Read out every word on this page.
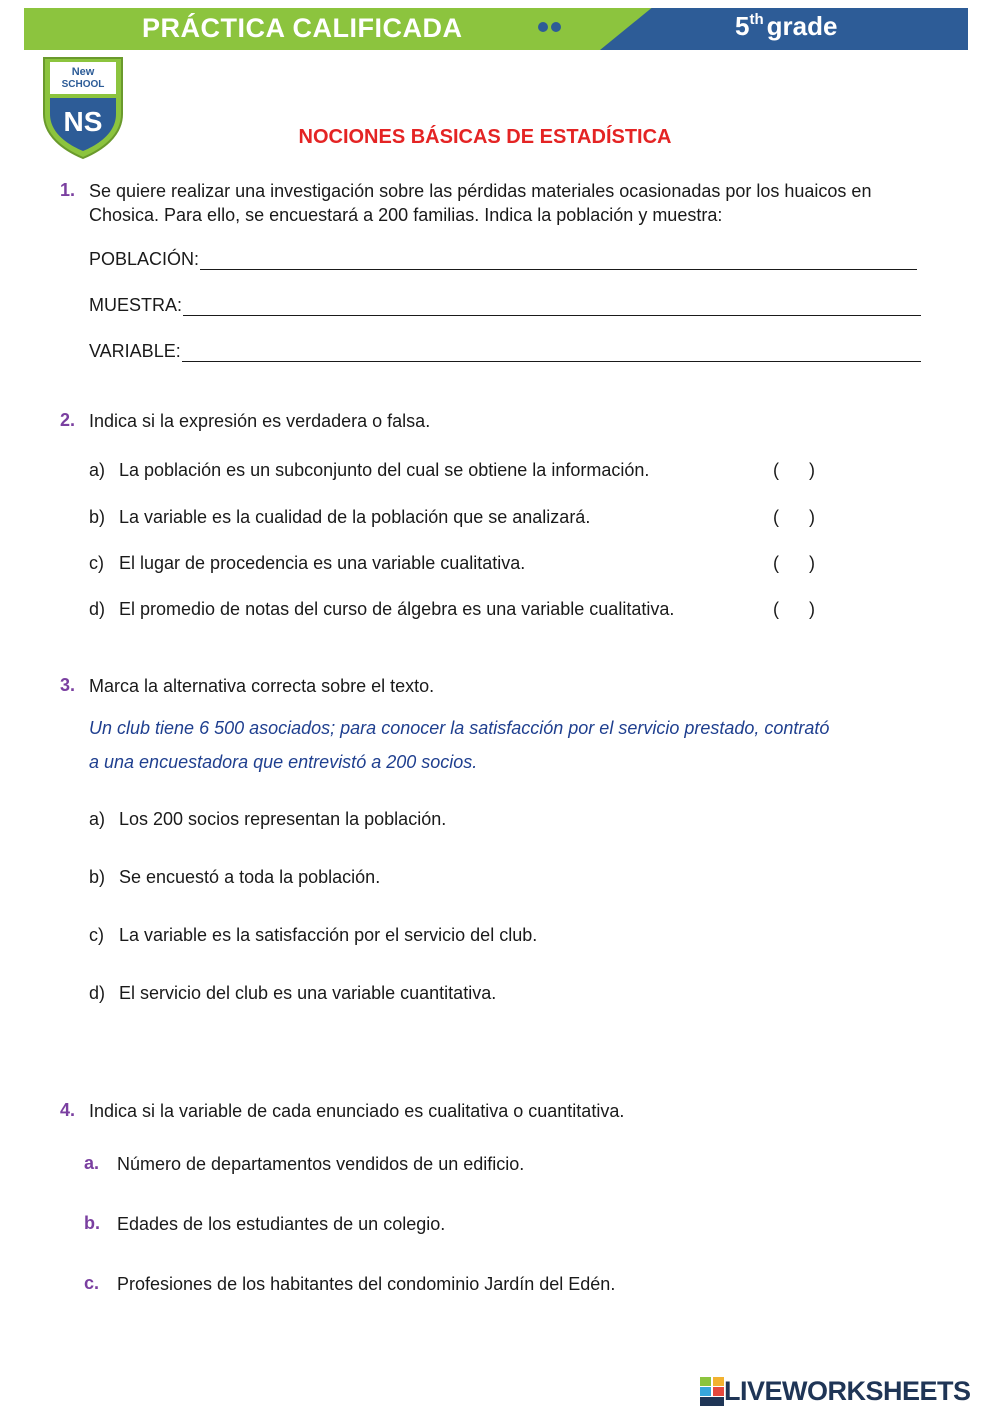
PRÁCTICA CALIFICADA	5th grade
New
SCHOOL
NS	NOCIONES BÁSICAS DE ESTADÍSTICA
1. Se quiere realizar una investigación sobre las pérdidas materiales ocasionadas por los huaicos en Chosica. Para ello, se encuestará a 200 familias. Indica la población y muestra:
POBLACIÓN:
MUESTRA:
VARIABLE:
2. Indica si la expresión es verdadera o falsa.
a) La población es un subconjunto del cual se obtiene la información.	(      )
b) La variable es la cualidad de la población que se analizará.	(      )
c) El lugar de procedencia es una variable cualitativa.	(      )
d) El promedio de notas del curso de álgebra es una variable cualitativa.	(      )
3. Marca la alternativa correcta sobre el texto.
Un club tiene 6 500 asociados; para conocer la satisfacción por el servicio prestado, contrató
a una encuestadora que entrevistó a 200 socios.
a) Los 200 socios representan la población.
b) Se encuestó a toda la población.
c) La variable es la satisfacción por el servicio del club.
d) El servicio del club es una variable cuantitativa.
4. Indica si la variable de cada enunciado es cualitativa o cuantitativa.
a. Número de departamentos vendidos de un edificio.
b. Edades de los estudiantes de un colegio.
c. Profesiones de los habitantes del condominio Jardín del Edén.
LIVEWORKSHEETS
